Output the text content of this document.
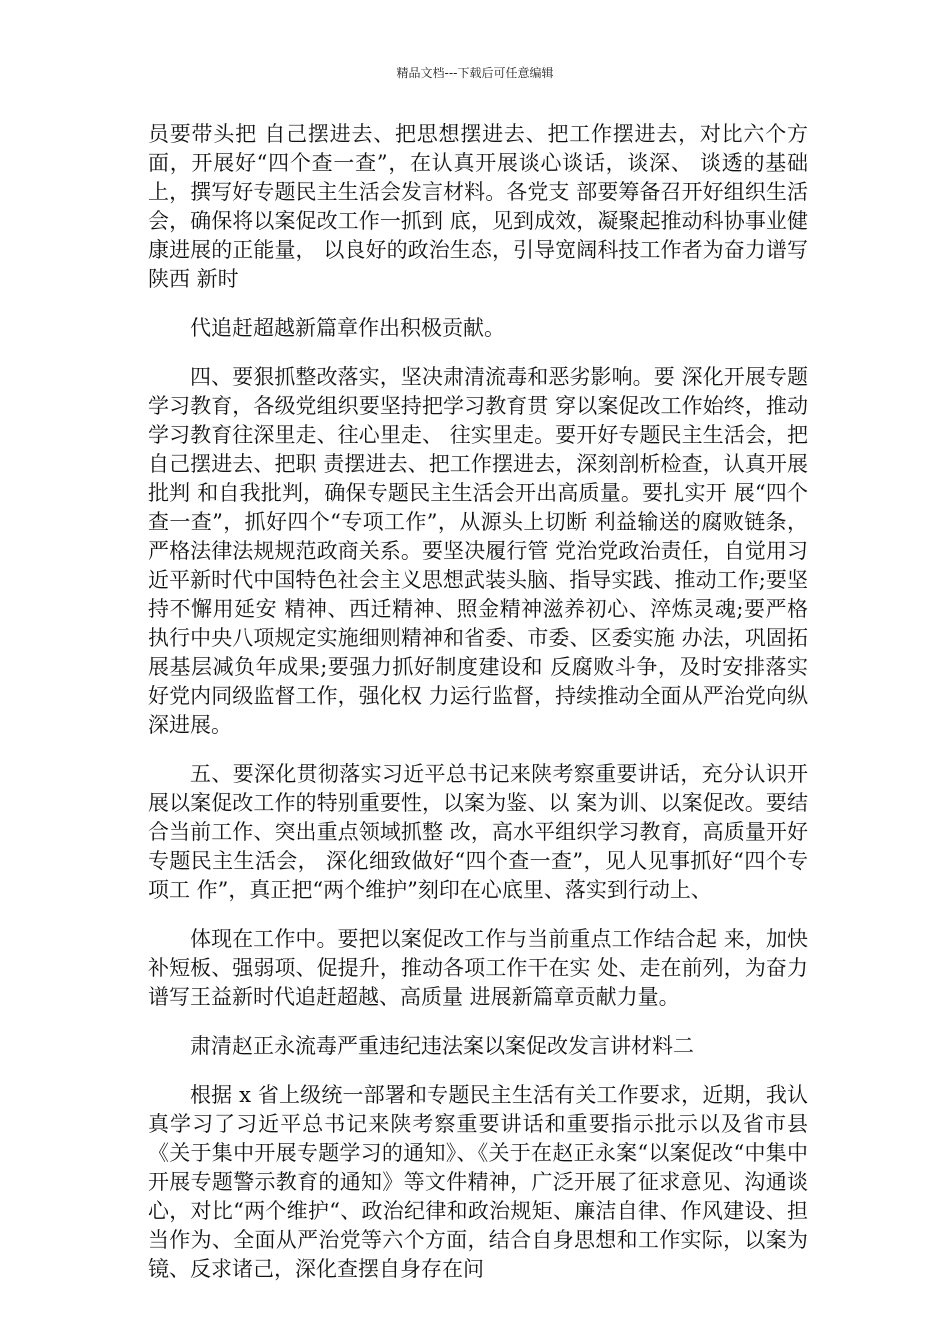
精品文档---下载后可任意编辑

员要带头把 自己摆进去、把思想摆进去、把工作摆进去，对比六个方 面，开展好“四个查一查”，在认真开展谈心谈话，谈深、 谈透的基础上，撰写好专题民主生活会发言材料。各党支 部要筹备召开好组织生活会，确保将以案促改工作一抓到 底，见到成效，凝聚起推动科协事业健康进展的正能量， 以良好的政治生态，引导宽阔科技工作者为奋力谱写陕西 新时

代追赶超越新篇章作出积极贡献。

四、要狠抓整改落实，坚决肃清流毒和恶劣影响。要 深化开展专题学习教育，各级党组织要坚持把学习教育贯 穿以案促改工作始终，推动学习教育往深里走、往心里走、 往实里走。要开好专题民主生活会，把自己摆进去、把职 责摆进去、把工作摆进去，深刻剖析检查，认真开展批判 和自我批判，确保专题民主生活会开出高质量。要扎实开 展“四个查一查”，抓好四个“专项工作”，从源头上切断 利益输送的腐败链条，严格法律法规规范政商关系。要坚决履行管 党治党政治责任，自觉用习近平新时代中国特色社会主义思想武装头脑、指导实践、推动工作;要坚持不懈用延安 精神、西迁精神、照金精神滋养初心、淬炼灵魂;要严格 执行中央八项规定实施细则精神和省委、市委、区委实施 办法，巩固拓展基层减负年成果;要强力抓好制度建设和 反腐败斗争，及时安排落实好党内同级监督工作，强化权 力运行监督，持续推动全面从严治党向纵深进展。

五、要深化贯彻落实习近平总书记来陕考察重要讲话，充分认识开展以案促改工作的特别重要性，以案为鉴、以 案为训、以案促改。要结合当前工作、突出重点领域抓整 改，高水平组织学习教育，高质量开好专题民主生活会， 深化细致做好“四个查一查”，见人见事抓好“四个专项工 作”，真正把“两个维护”刻印在心底里、落实到行动上、

体现在工作中。要把以案促改工作与当前重点工作结合起 来，加快补短板、强弱项、促提升，推动各项工作干在实 处、走在前列，为奋力谱写王益新时代追赶超越、高质量 进展新篇章贡献力量。

肃清赵正永流毒严重违纪违法案以案促改发言讲材料二

根据 x 省上级统一部署和专题民主生活有关工作要求，近期，我认真学习了习近平总书记来陕考察重要讲话和重要指示批示以及省市县《关于集中开展专题学习的通知》、《关于在赵正永案“以案促改“中集中开展专题警示教育的通知》等文件精神，广泛开展了征求意见、沟通谈心，对比“两个维护“、政治纪律和政治规矩、廉洁自律、作风建设、担当作为、全面从严治党等六个方面，结合自身思想和工作实际，以案为镜、反求诸己，深化查摆自身存在问
